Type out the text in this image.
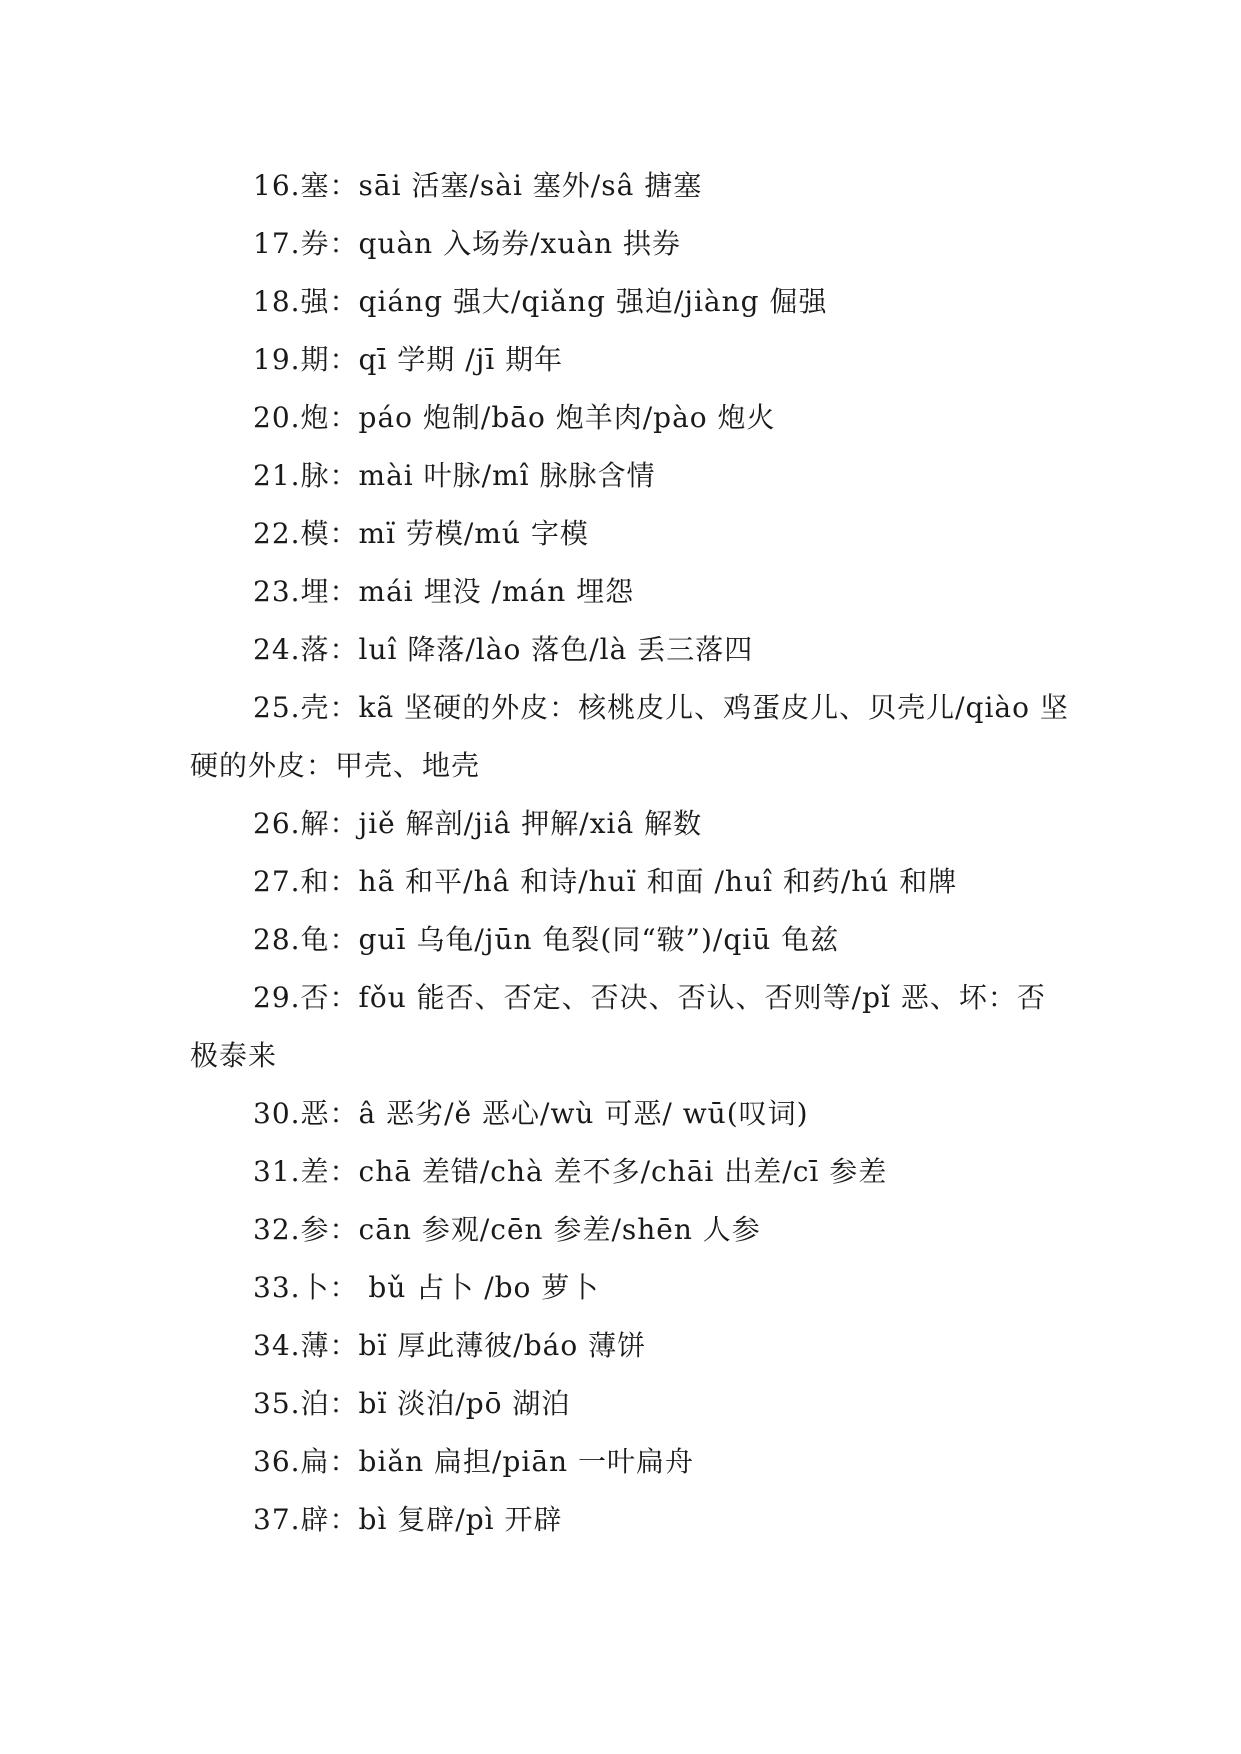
16.塞：sāi 活塞/sài 塞外/sâ 搪塞

17.券：quàn 入场券/xuàn 拱券

18.强：qiáng 强大/qiǎng 强迫/jiàng 倔强

19.期：qī 学期 /jī 期年

20.炮：páo 炮制/bāo 炮羊肉/pào 炮火

21.脉：mài 叶脉/mî 脉脉含情

22.模：mï 劳模/mú 字模

23.埋：mái 埋没 /mán 埋怨

24.落：luî 降落/lào 落色/là 丢三落四

25.壳：kã 坚硬的外皮：核桃皮儿、鸡蛋皮儿、贝壳儿/qiào 坚硬的外皮：甲壳、地壳

26.解：jiě 解剖/jiâ 押解/xiâ 解数

27.和：hã 和平/hâ 和诗/huï 和面 /huî 和药/hú 和牌

28.龟：guī 乌龟/jūn 龟裂(同“皲”)/qiū 龟兹

29.否：fǒu 能否、否定、否决、否认、否则等/pǐ 恶、坏：否极泰来

30.恶：â 恶劣/ě 恶心/wù 可恶/ wū(叹词)

31.差：chā 差错/chà 差不多/chāi 出差/cī 参差

32.参：cān 参观/cēn 参差/shēn 人参

33.卜： bǔ 占卜 /bo 萝卜

34.薄：bï 厚此薄彼/báo 薄饼

35.泊：bï 淡泊/pō 湖泊

36.扁：biǎn 扁担/piān 一叶扁舟

37.辟：bì 复辟/pì 开辟
